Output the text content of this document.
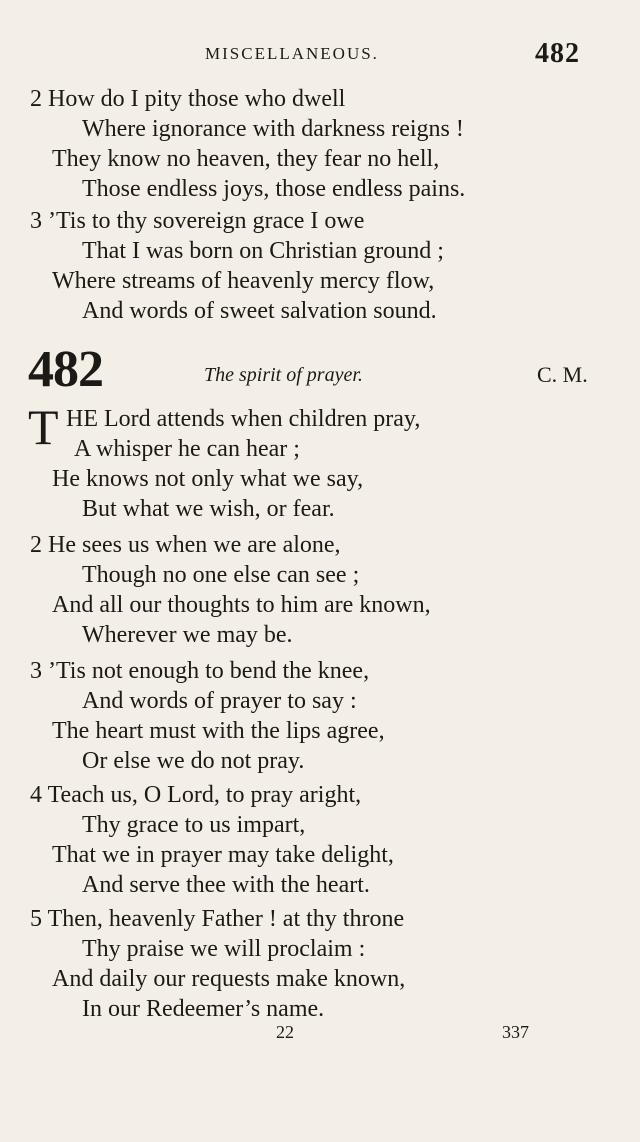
MISCELLANEOUS.	482
2 How do I pity those who dwell
Where ignorance with darkness reigns !
They know no heaven, they fear no hell,
Those endless joys, those endless pains.
3 ’Tis to thy sovereign grace I owe
That I was born on Christian ground ;
Where streams of heavenly mercy flow,
And words of sweet salvation sound.
482	The spirit of prayer.	C. M.
T HE Lord attends when children pray,
A whisper he can hear ;
He knows not only what we say,
But what we wish, or fear.
2 He sees us when we are alone,
Though no one else can see ;
And all our thoughts to him are known,
Wherever we may be.
3 ’Tis not enough to bend the knee,
And words of prayer to say :
The heart must with the lips agree,
Or else we do not pray.
4 Teach us, O Lord, to pray aright,
Thy grace to us impart,
That we in prayer may take delight,
And serve thee with the heart.
5 Then, heavenly Father ! at thy throne
Thy praise we will proclaim :
And daily our requests make known,
In our Redeemer’s name.
22	337
